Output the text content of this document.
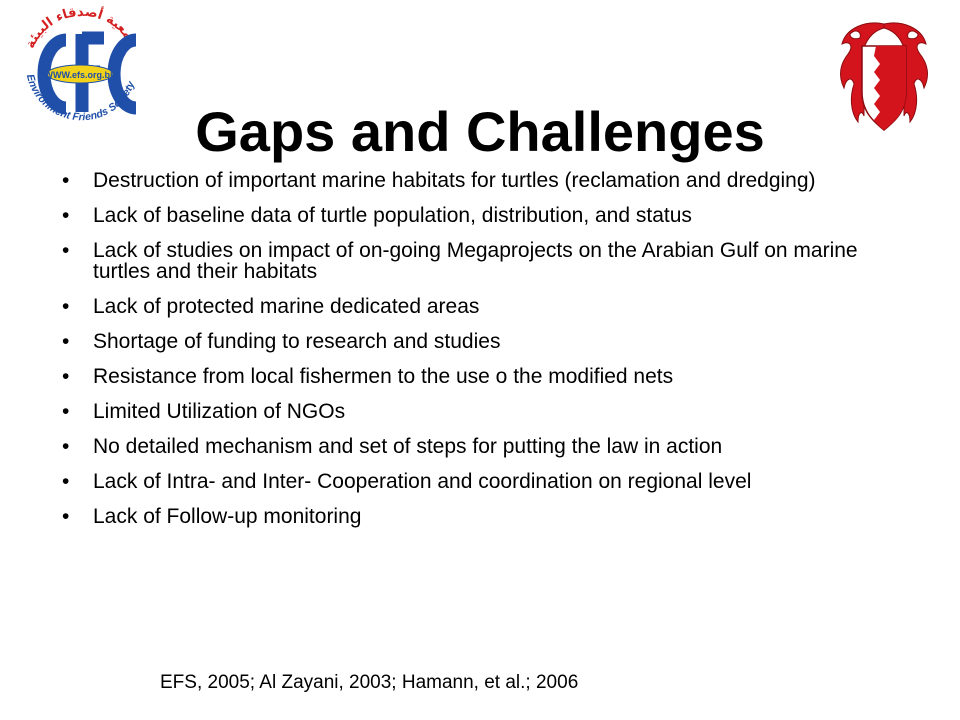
جمعية أصدقاء البيئة
WWW.efs.org.bh
Environment Friends Society
Gaps and Challenges
• Destruction of important marine habitats for turtles (reclamation and dredging)
• Lack of baseline data of turtle population, distribution, and status
• Lack of studies on impact of on-going Megaprojects on the Arabian Gulf on marine turtles and their habitats
• Lack of protected marine dedicated areas
• Shortage of funding to research and studies
• Resistance from local fishermen to the use o the modified nets
• Limited Utilization of NGOs
• No detailed mechanism and set of steps for putting the law in action
• Lack of Intra- and Inter- Cooperation and coordination on regional level
• Lack of Follow-up monitoring
EFS, 2005; Al Zayani, 2003; Hamann, et al.; 2006
